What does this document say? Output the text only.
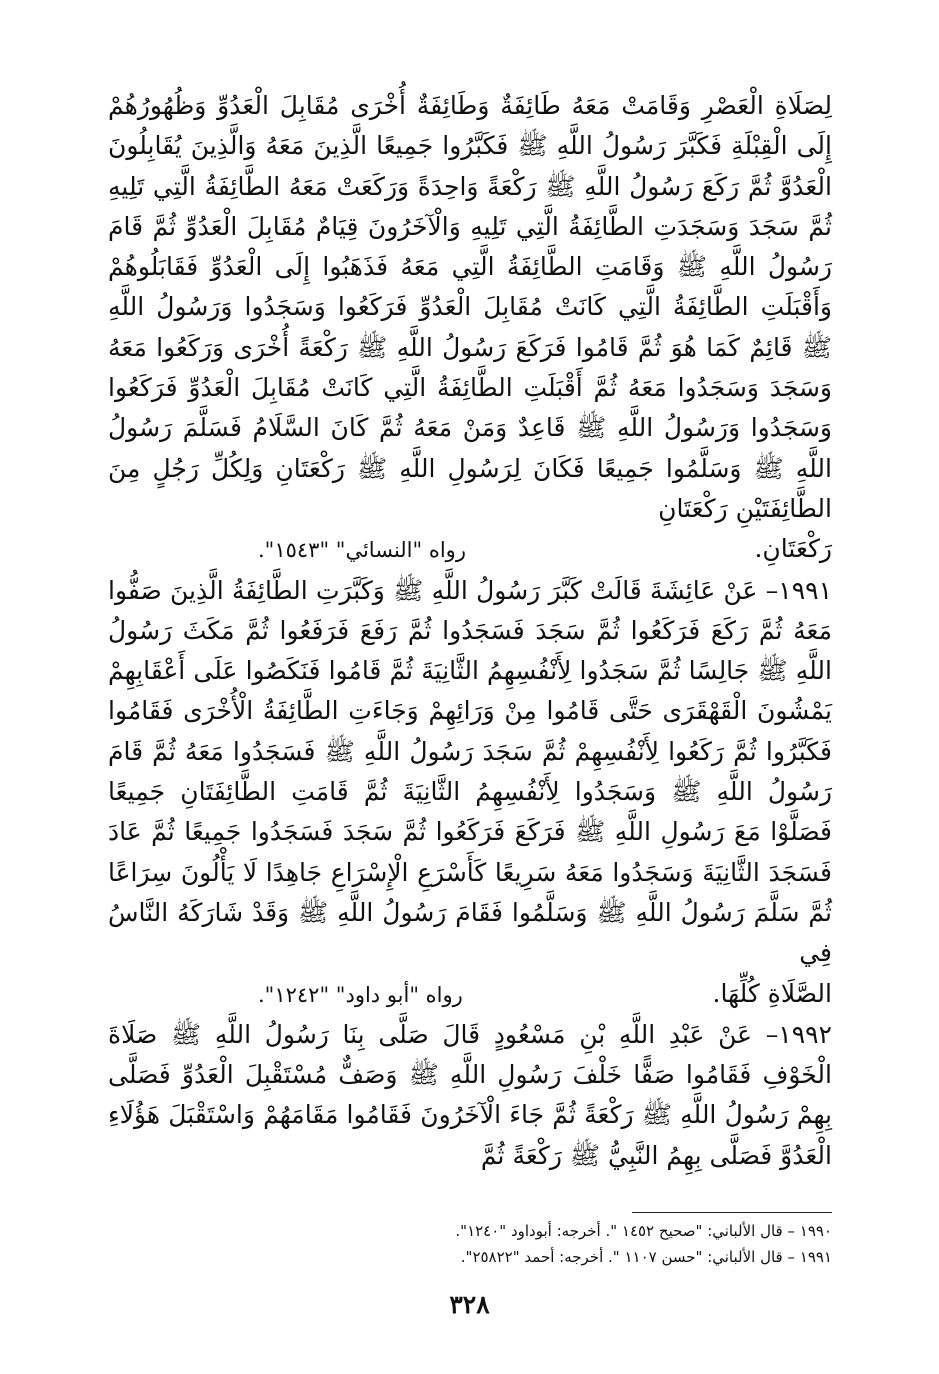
لِصَلَاةِ الْعَصْرِ وَقَامَتْ مَعَهُ طَائِفَةٌ وَطَائِفَةٌ أُخْرَى مُقَابِلَ الْعَدُوِّ وَظُهُورُهُمْ إِلَى الْقِبْلَةِ فَكَبَّرَ رَسُولُ اللَّهِ ﷺ فَكَبَّرُوا جَمِيعًا الَّذِينَ مَعَهُ وَالَّذِينَ يُقَابِلُونَ الْعَدُوَّ ثُمَّ رَكَعَ رَسُولُ اللَّهِ ﷺ رَكْعَةً وَاحِدَةً وَرَكَعَتْ مَعَهُ الطَّائِفَةُ الَّتِي تَلِيهِ ثُمَّ سَجَدَ وَسَجَدَتِ الطَّائِفَةُ الَّتِي تَلِيهِ وَالْآخَرُونَ قِيَامٌ مُقَابِلَ الْعَدُوِّ ثُمَّ قَامَ رَسُولُ اللَّهِ ﷺ وَقَامَتِ الطَّائِفَةُ الَّتِي مَعَهُ فَذَهَبُوا إِلَى الْعَدُوِّ فَقَابَلُوهُمْ وَأَقْبَلَتِ الطَّائِفَةُ الَّتِي كَانَتْ مُقَابِلَ الْعَدُوِّ فَرَكَعُوا وَسَجَدُوا وَرَسُولُ اللَّهِ ﷺ قَائِمٌ كَمَا هُوَ ثُمَّ قَامُوا فَرَكَعَ رَسُولُ اللَّهِ ﷺ رَكْعَةً أُخْرَى وَرَكَعُوا مَعَهُ وَسَجَدَ وَسَجَدُوا مَعَهُ ثُمَّ أَقْبَلَتِ الطَّائِفَةُ الَّتِي كَانَتْ مُقَابِلَ الْعَدُوِّ فَرَكَعُوا وَسَجَدُوا وَرَسُولُ اللَّهِ ﷺ قَاعِدٌ وَمَنْ مَعَهُ ثُمَّ كَانَ السَّلَامُ فَسَلَّمَ رَسُولُ اللَّهِ ﷺ وَسَلَّمُوا جَمِيعًا فَكَانَ لِرَسُولِ اللَّهِ ﷺ رَكْعَتَانِ وَلِكُلِّ رَجُلٍ مِنَ الطَّائِفَتَيْنِ رَكْعَتَانِ

رَكْعَتَانِ.
رواه "النسائي" "١٥٤٣".

١٩٩١– عَنْ عَائِشَةَ قَالَتْ كَبَّرَ رَسُولُ اللَّهِ ﷺ وَكَبَّرَتِ الطَّائِفَةُ الَّذِينَ صَفُّوا مَعَهُ ثُمَّ رَكَعَ فَرَكَعُوا ثُمَّ سَجَدَ فَسَجَدُوا ثُمَّ رَفَعَ فَرَفَعُوا ثُمَّ مَكَثَ رَسُولُ اللَّهِ ﷺ جَالِسًا ثُمَّ سَجَدُوا لِأَنْفُسِهِمُ الثَّانِيَةَ ثُمَّ قَامُوا فَنَكَصُوا عَلَى أَعْقَابِهِمْ يَمْشُونَ الْقَهْقَرَى حَتَّى قَامُوا مِنْ وَرَائِهِمْ وَجَاءَتِ الطَّائِفَةُ الْأُخْرَى فَقَامُوا فَكَبَّرُوا ثُمَّ رَكَعُوا لِأَنْفُسِهِمْ ثُمَّ سَجَدَ رَسُولُ اللَّهِ ﷺ فَسَجَدُوا مَعَهُ ثُمَّ قَامَ رَسُولُ اللَّهِ ﷺ وَسَجَدُوا لِأَنْفُسِهِمُ الثَّانِيَةَ ثُمَّ قَامَتِ الطَّائِفَتَانِ جَمِيعًا فَصَلَّوْا مَعَ رَسُولِ اللَّهِ ﷺ فَرَكَعَ فَرَكَعُوا ثُمَّ سَجَدَ فَسَجَدُوا جَمِيعًا ثُمَّ عَادَ فَسَجَدَ الثَّانِيَةَ وَسَجَدُوا مَعَهُ سَرِيعًا كَأَسْرَعِ الْإِسْرَاعِ جَاهِدًا لَا يَأْلُونَ سِرَاعًا ثُمَّ سَلَّمَ رَسُولُ اللَّهِ ﷺ وَسَلَّمُوا فَقَامَ رَسُولُ اللَّهِ ﷺ وَقَدْ شَارَكَهُ النَّاسُ فِي

الصَّلَاةِ كُلِّهَا.
رواه "أبو داود" "١٢٤٢".

١٩٩٢– عَنْ عَبْدِ اللَّهِ بْنِ مَسْعُودٍ قَالَ صَلَّى بِنَا رَسُولُ اللَّهِ ﷺ صَلَاةَ الْخَوْفِ فَقَامُوا صَفًّا خَلْفَ رَسُولِ اللَّهِ ﷺ وَصَفٌّ مُسْتَقْبِلَ الْعَدُوِّ فَصَلَّى بِهِمْ رَسُولُ اللَّهِ ﷺ رَكْعَةً ثُمَّ جَاءَ الْآخَرُونَ فَقَامُوا مَقَامَهُمْ وَاسْتَقْبَلَ هَؤُلَاءِ الْعَدُوَّ فَصَلَّى بِهِمُ النَّبِيُّ ﷺ رَكْعَةً ثُمَّ

١٩٩٠ – قال الألباني: "صحيح ١٤٥٢ ". أخرجه: أبوداود "١٢٤٠".

١٩٩١ – قال الألباني: "حسن ١١٠٧ ". أخرجه: أحمد "٢٥٨٢٢".

٣٢٨
